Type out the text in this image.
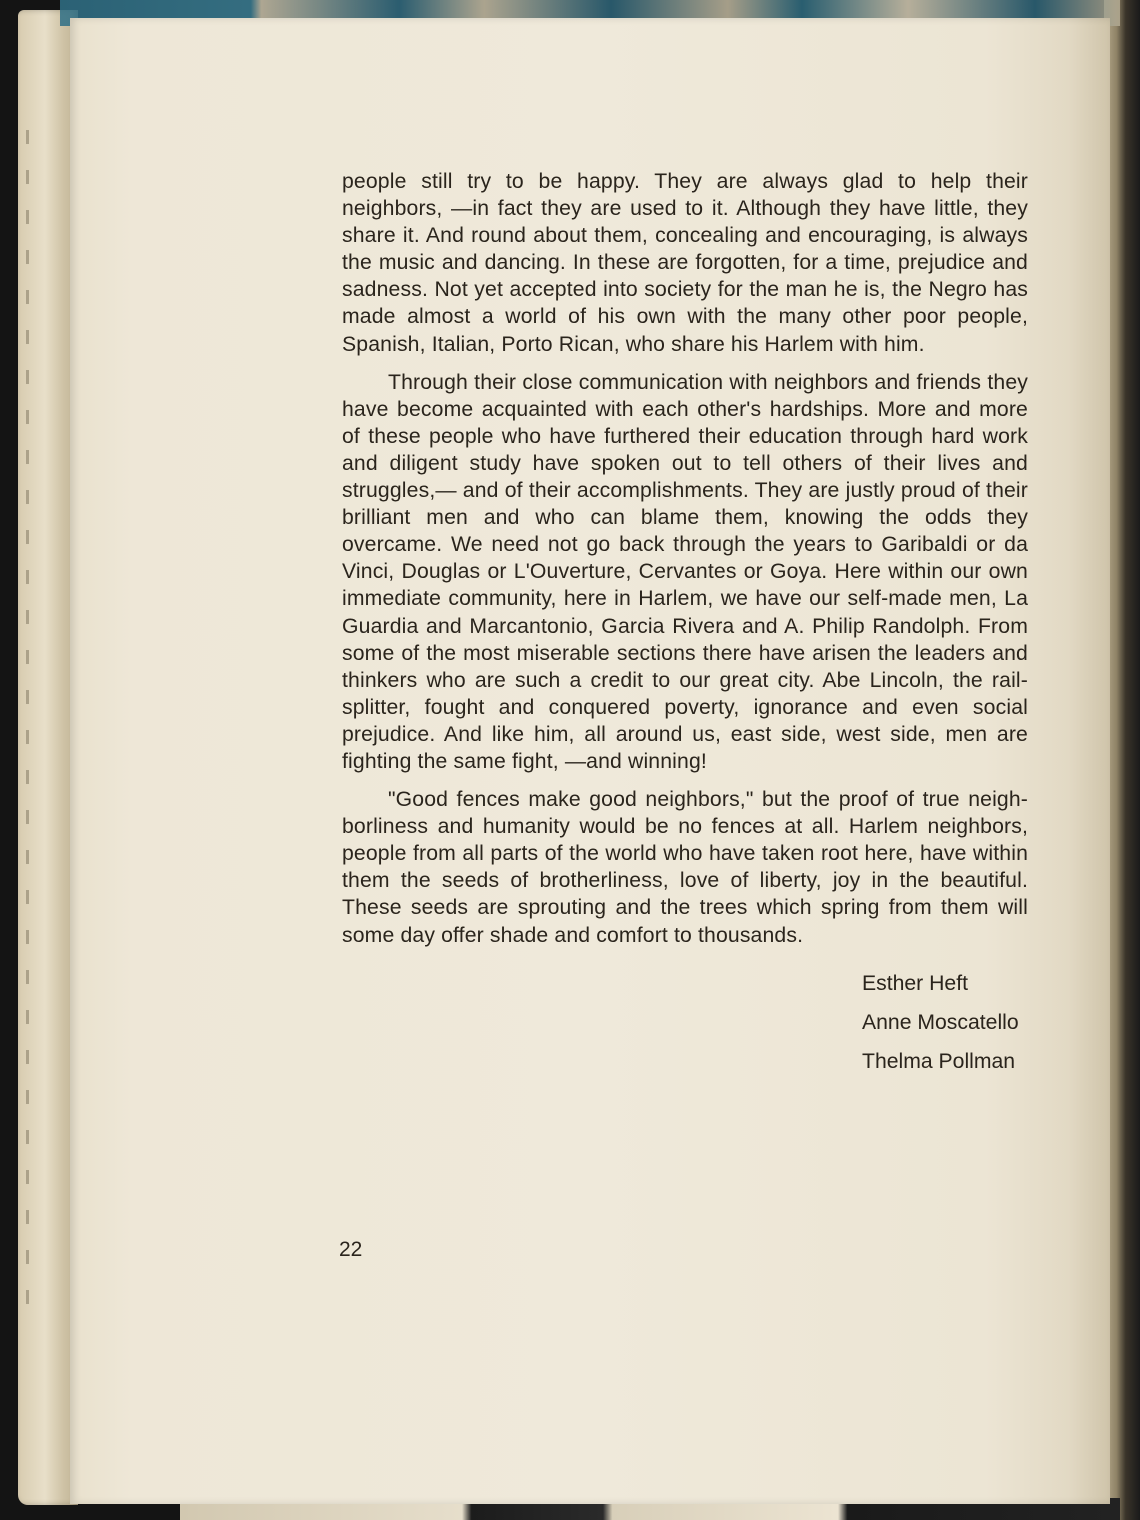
people still try to be happy. They are always glad to help their neighbors, —in fact they are used to it. Although they have little, they share it. And round about them, concealing and encouraging, is always the music and dancing. In these are forgotten, for a time, prejudice and sadness. Not yet accepted into society for the man he is, the Negro has made almost a world of his own with the many other poor people, Spanish, Italian, Porto Rican, who share his Harlem with him.

Through their close communication with neighbors and friends they have become acquainted with each other's hardships. More and more of these people who have furthered their education through hard work and diligent study have spoken out to tell others of their lives and struggles,— and of their accomplishments. They are justly proud of their brilliant men and who can blame them, knowing the odds they overcame. We need not go back through the years to Garibaldi or da Vinci, Douglas or L'Ouverture, Cervantes or Goya. Here within our own immediate community, here in Harlem, we have our self-made men, La Guardia and Marcantonio, Garcia Rivera and A. Philip Randolph. From some of the most miserable sections there have arisen the leaders and thinkers who are such a credit to our great city. Abe Lincoln, the rail-splitter, fought and conquered poverty, ignorance and even social prejudice. And like him, all around us, east side, west side, men are fighting the same fight, —and winning!

"Good fences make good neighbors," but the proof of true neigh-borliness and humanity would be no fences at all. Harlem neighbors, people from all parts of the world who have taken root here, have within them the seeds of brotherliness, love of liberty, joy in the beautiful. These seeds are sprouting and the trees which spring from them will some day offer shade and comfort to thousands.

Esther Heft
Anne Moscatello
Thelma Pollman
22
